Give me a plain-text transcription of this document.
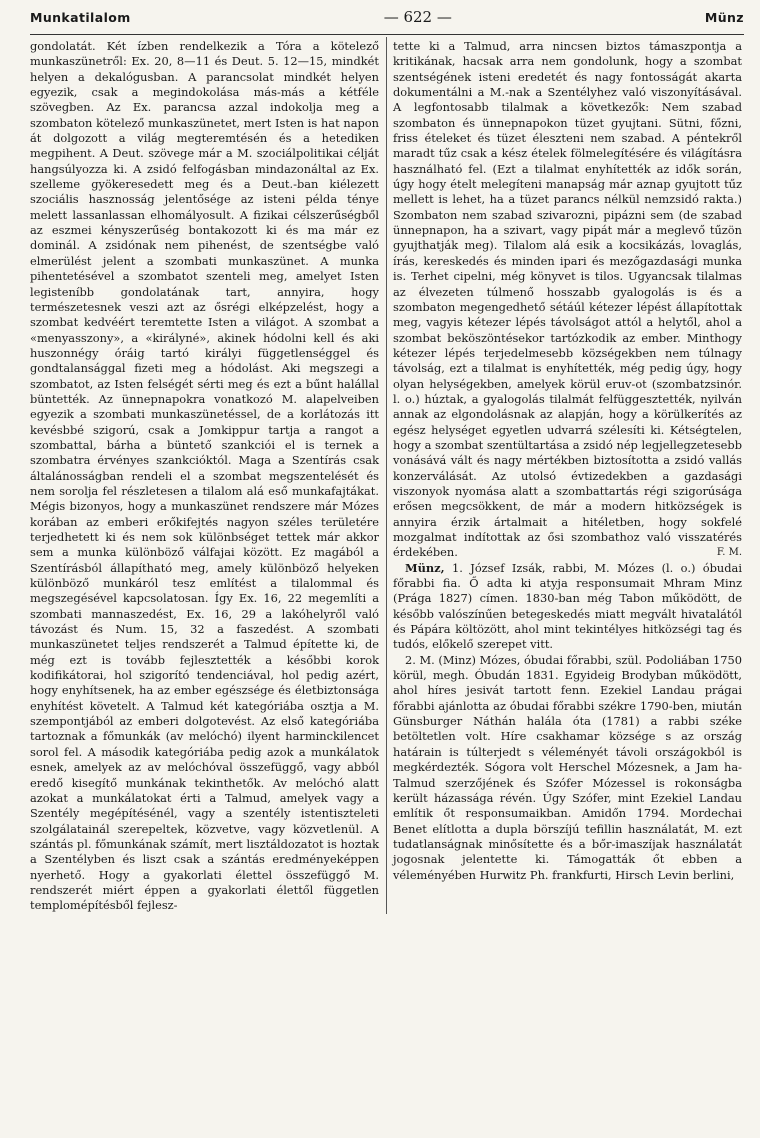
Munkatilalom	— 622 —	Münz

gondolatát. Két ízben rendelkezik a Tóra a kötelező munkaszünetről: Ex. 20, 8—11 és Deut. 5. 12—15, mindkét helyen a dekalógusban. A parancsolat mindkét helyen egyezik, csak a megindokolása más-más a kétféle szövegben. Az Ex. parancsa azzal indokolja meg a szombaton kötelező munkaszünetet, mert Isten is hat napon át dolgozott a világ megteremtésén és a hetediken megpihent. A Deut. szövege már a M. szociálpolitikai célját hangsúlyozza ki. A zsidó felfogásban mindazonáltal az Ex. szelleme gyökeresedett meg és a Deut.-ban kiélezett szociális hasznosság jelentősége az isteni példa ténye melett lassanlassan elhomályosult. A fizikai célszerűségből az eszmei kényszerűség bontakozott ki és ma már ez dominál. A zsidónak nem pihenést, de szentségbe való elmerülést jelent a szombati munkaszünet. A munka pihentetésével a szombatot szenteli meg, amelyet Isten legisteníbb gondolatának tart, annyira, hogy természetesnek veszi azt az ősrégi elképzelést, hogy a szombat kedvéért teremtette Isten a világot. A szombat a «menyasszony», a «királyné», akinek hódolni kell és aki huszonnégy óráig tartó királyi függetlenséggel és gondtalansággal fizeti meg a hódolást. Aki megszegi a szombatot, az Isten felségét sérti meg és ezt a bűnt halállal büntették. Az ünnepnapokra vonatkozó M. alapelveiben egyezik a szombati munkaszünetéssel, de a korlátozás itt kevésbbé szigorú, csak a Jomkippur tartja a rangot a szombattal, bárha a büntető szankciói el is ternek a szombatra érvényes szankcióktól. Maga a Szentírás csak általánosságban rendeli el a szombat megszentelését és nem sorolja fel részletesen a tilalom alá eső munkafajtákat. Mégis bizonyos, hogy a munkaszünet rendszere már Mózes korában az emberi erőkifejtés nagyon széles területére terjedhetett ki és nem sok különbséget tettek már akkor sem a munka különböző válfajai között. Ez magából a Szentírásból állapítható meg, amely különböző helyeken különböző munkáról tesz említést a tilalommal és megszegésével kapcsolatosan. Így Ex. 16, 22 megemlíti a szombati mannaszedést, Ex. 16, 29 a lakóhelyről való távozást és Num. 15, 32 a faszedést. A szombati munkaszünetet teljes rendszerét a Talmud építette ki, de még ezt is tovább fejlesztették a későbbi korok kodifikátorai, hol szigorító tendenciával, hol pedig azért, hogy enyhítsenek, ha az ember egészsége és életbiztonsága enyhítést követelt. A Talmud két kategóriába osztja a M. szempontjából az emberi dolgotevést. Az első kategóriába tartoznak a főmunkák (av melóchó) ilyent harminckilencet sorol fel. A második kategóriába pedig azok a munkálatok esnek, amelyek az av melóchóval összefüggő, vagy abból eredő kisegítő munkának tekinthetők. Av melóchó alatt azokat a munkálatokat érti a Talmud, amelyek vagy a Szentély megépítésénél, vagy a szentély istentiszteleti szolgálatainál szerepeltek, közvetve, vagy közvetlenül. A szántás pl. főmunkának számít, mert lisztáldozatot is hoztak a Szentélyben és liszt csak a szántás eredményeképpen nyerhető. Hogy a gyakorlati élettel összefüggő M. rendszerét miért éppen a gyakorlati élettől független templomépítésből fejlesz-

tette ki a Talmud, arra nincsen biztos támaszpontja a kritikának, hacsak arra nem gondolunk, hogy a szombat szentségének isteni eredetét és nagy fontosságát akarta dokumentálni a M.-nak a Szentélyhez való viszonyításával. A legfontosabb tilalmak a következők: Nem szabad szombaton és ünnepnapokon tüzet gyujtani. Sütni, főzni, friss ételeket és tüzet éleszteni nem szabad. A péntekről maradt tűz csak a kész ételek fölmelegítésére és világításra használható fel. (Ezt a tilalmat enyhítették az idők során, úgy hogy ételt melegíteni manapság már aznap gyujtott tűz mellett is lehet, ha a tüzet parancs nélkül nemzsidó rakta.) Szombaton nem szabad szivarozni, pipázni sem (de szabad ünnepnapon, ha a szivart, vagy pipát már a meglevő tűzön gyujthatják meg). Tilalom alá esik a kocsikázás, lovaglás, írás, kereskedés és minden ipari és mezőgazdasági munka is. Terhet cipelni, még könyvet is tilos. Ugyancsak tilalmas az élvezeten túlmenő hosszabb gyalogolás is és a szombaton megengedhető sétáúl kétezer lépést állapítottak meg, vagyis kétezer lépés távolságot attól a helytől, ahol a szombat beköszöntésekor tartózkodik az ember. Minthogy kétezer lépés terjedelmesebb községekben nem túlnagy távolság, ezt a tilalmat is enyhítették, még pedig úgy, hogy olyan helységekben, amelyek körül eruv-ot (szombatzsinór. l. o.) húztak, a gyalogolás tilalmát felfüggesztették, nyilván annak az elgondolásnak az alapján, hogy a körülkerítés az egész helységet egyetlen udvarrá szélesíti ki. Kétségtelen, hogy a szombat szentültartása a zsidó nép legjellegzetesebb vonásává vált és nagy mértékben biztosította a zsidó vallás konzerválását. Az utolsó évtizedekben a gazdasági viszonyok nyomása alatt a szombattartás régi szigorúsága erősen megcsökkent, de már a modern hitközségek is annyira érzik ártalmait a hitéletben, hogy sokfelé mozgalmat indítottak az ősi szombathoz való visszatérés érdekében.	F. M.

Münz, 1. József Izsák, rabbi, M. Mózes (l. o.) óbudai főrabbi fia. Ő adta ki atyja responsumait Mhram Minz (Prága 1827) címen. 1830-ban még Tabon működött, de később valószínűen betegeskedés miatt megvált hivatalától és Pápára költözött, ahol mint tekintélyes hitközségi tag és tudós, előkelő szerepet vitt.

2. M. (Minz) Mózes, óbudai főrabbi, szül. Podoliában 1750 körül, megh. Óbudán 1831. Egyideig Brodyban működött, ahol híres jesivát tartott fenn. Ezekiel Landau prágai főrabbi ajánlotta az óbudai főrabbi székre 1790-ben, miután Günsburger Náthán halála óta (1781) a rabbi széke betöltetlen volt. Híre csakhamar községe s az ország határain is túlterjedt s véleményét távoli országokból is megkérdezték. Sógora volt Herschel Mózesnek, a Jam ha-Talmud szerzőjének és Szófer Mózessel is rokonságba került házassága révén. Úgy Szófer, mint Ezekiel Landau említik őt responsumaikban. Amidőn 1794. Mordechai Benet elítlotta a dupla börszíjú tefillin használatát, M. ezt tudatlanságnak minősítette és a bőr-imaszíjak használatát jogosnak jelentette ki. Támogatták őt ebben a véleményében Hurwitz Ph. frankfurti, Hirsch Levin berlini,
